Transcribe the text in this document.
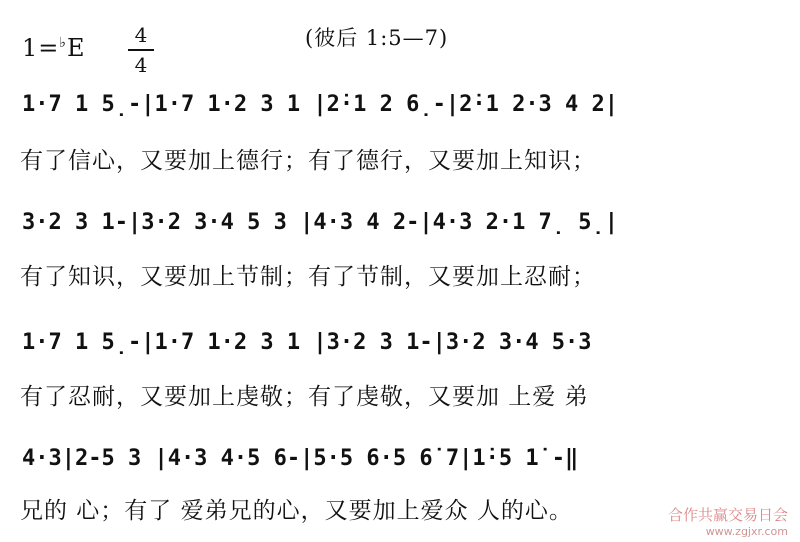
1=♭E	4
4
(彼后 1:5—7)
1·7 1 5̣-|1·7 1·2 3 1 |2̇·1 2 6̣-|2̇·1 2·3 4 2|
有了信心，又要加上德行；有了德行，又要加上知识；
3·2 3 1-|3·2 3·4 5 3 |4·3 4 2-|4·3 2·1 7̣ 5̣|
有了知识，又要加上节制；有了节制，又要加上忍耐；
1·7 1 5̣-|1·7 1·2 3 1 |3·2 3 1-|3·2 3·4 5·3
有了忍耐，又要加上虔敬；有了虔敬，又要加 上爱 弟
4·3|2-5 3 |4·3 4·5 6-|5·5 6·5 6̇ 7|1̇·5 1̇ -‖
兄的 心；有了 爱弟兄的心，又要加上爱众 人的心。	合作共赢交易日会
www.zgjxr.com
